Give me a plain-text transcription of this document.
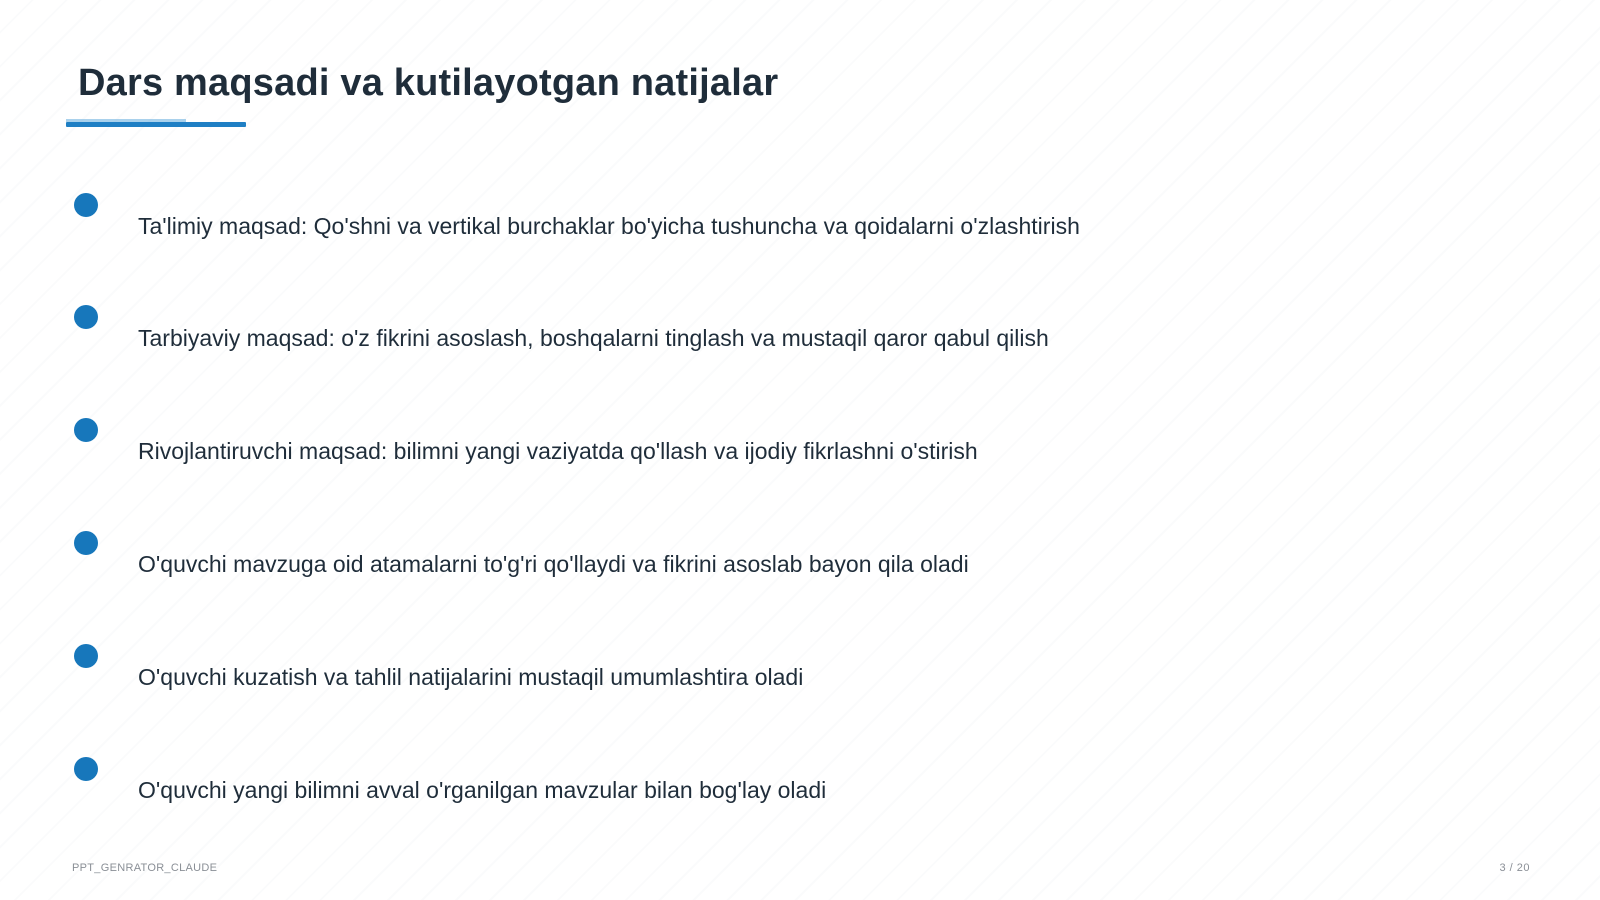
Dars maqsadi va kutilayotgan natijalar
Ta'limiy maqsad: Qo'shni va vertikal burchaklar bo'yicha tushuncha va qoidalarni o'zlashtirish
Tarbiyaviy maqsad: o'z fikrini asoslash, boshqalarni tinglash va mustaqil qaror qabul qilish
Rivojlantiruvchi maqsad: bilimni yangi vaziyatda qo'llash va ijodiy fikrlashni o'stirish
O'quvchi mavzuga oid atamalarni to'g'ri qo'llaydi va fikrini asoslab bayon qila oladi
O'quvchi kuzatish va tahlil natijalarini mustaqil umumlashtira oladi
O'quvchi yangi bilimni avval o'rganilgan mavzular bilan bog'lay oladi
PPT_GENRATOR_CLAUDE	3 / 20
